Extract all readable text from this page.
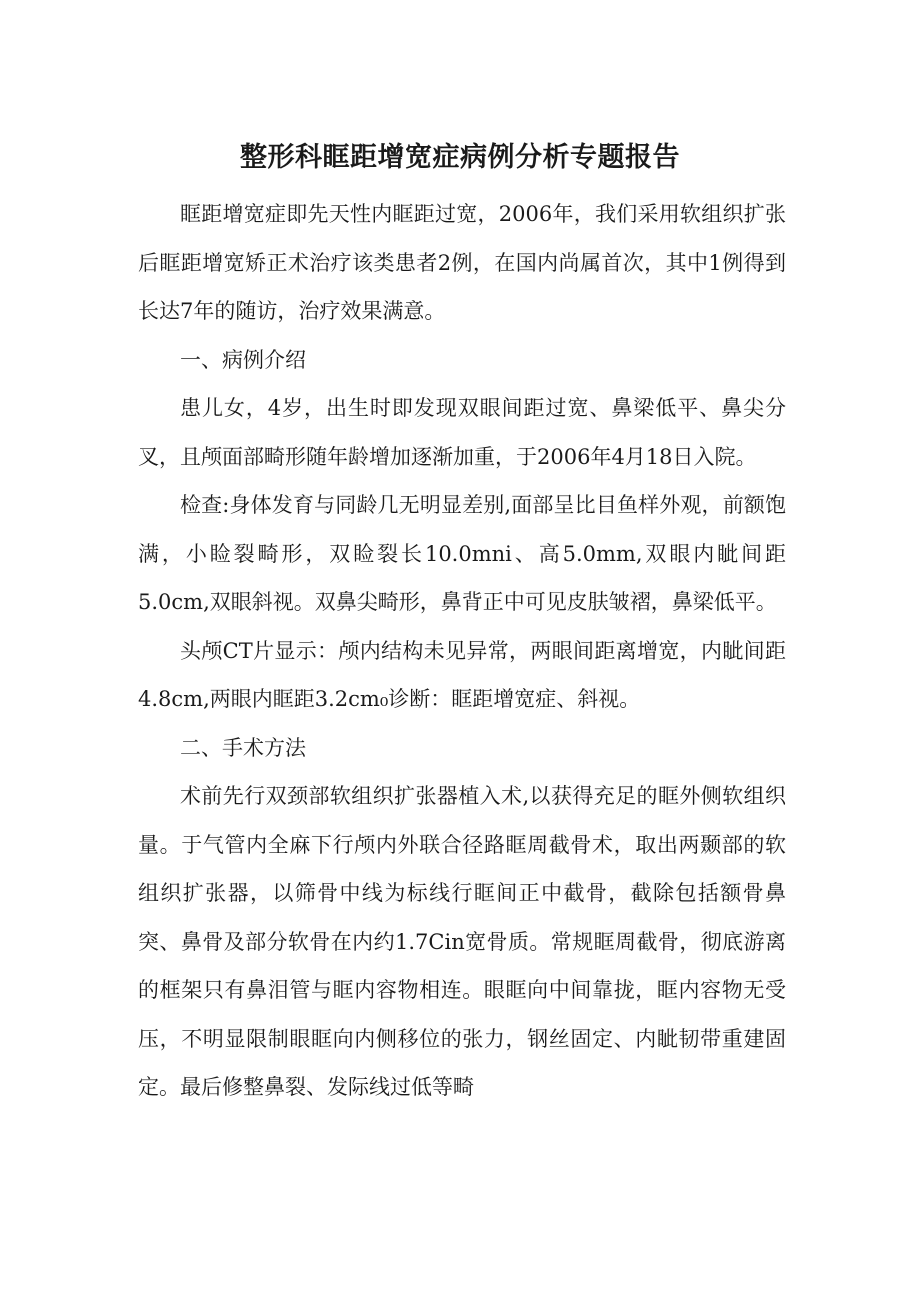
整形科眶距增宽症病例分析专题报告

眶距增宽症即先天性内眶距过宽，2006年，我们采用软组织扩张后眶距增宽矫正术治疗该类患者2例，在国内尚属首次，其中1例得到长达7年的随访，治疗效果满意。

一、病例介绍

患儿女，4岁，出生时即发现双眼间距过宽、鼻梁低平、鼻尖分叉，且颅面部畸形随年龄增加逐渐加重，于2006年4月18日入院。

检查:身体发育与同龄几无明显差别,面部呈比目鱼样外观，前额饱满，小睑裂畸形，双睑裂长10.0mni、高5.0mm,双眼内眦间距5.0cm,双眼斜视。双鼻尖畸形，鼻背正中可见皮肤皱褶，鼻梁低平。

头颅CT片显示：颅内结构未见异常，两眼间距离增宽，内眦间距4.8cm,两眼内眶距3.2cm₀诊断：眶距增宽症、斜视。

二、手术方法

术前先行双颈部软组织扩张器植入术,以获得充足的眶外侧软组织量。于气管内全麻下行颅内外联合径路眶周截骨术，取出两颞部的软组织扩张器，以筛骨中线为标线行眶间正中截骨，截除包括额骨鼻突、鼻骨及部分软骨在内约1.7Cin宽骨质。常规眶周截骨，彻底游离的框架只有鼻泪管与眶内容物相连。眼眶向中间靠拢，眶内容物无受压，不明显限制眼眶向内侧移位的张力，钢丝固定、内眦韧带重建固定。最后修整鼻裂、发际线过低等畸
